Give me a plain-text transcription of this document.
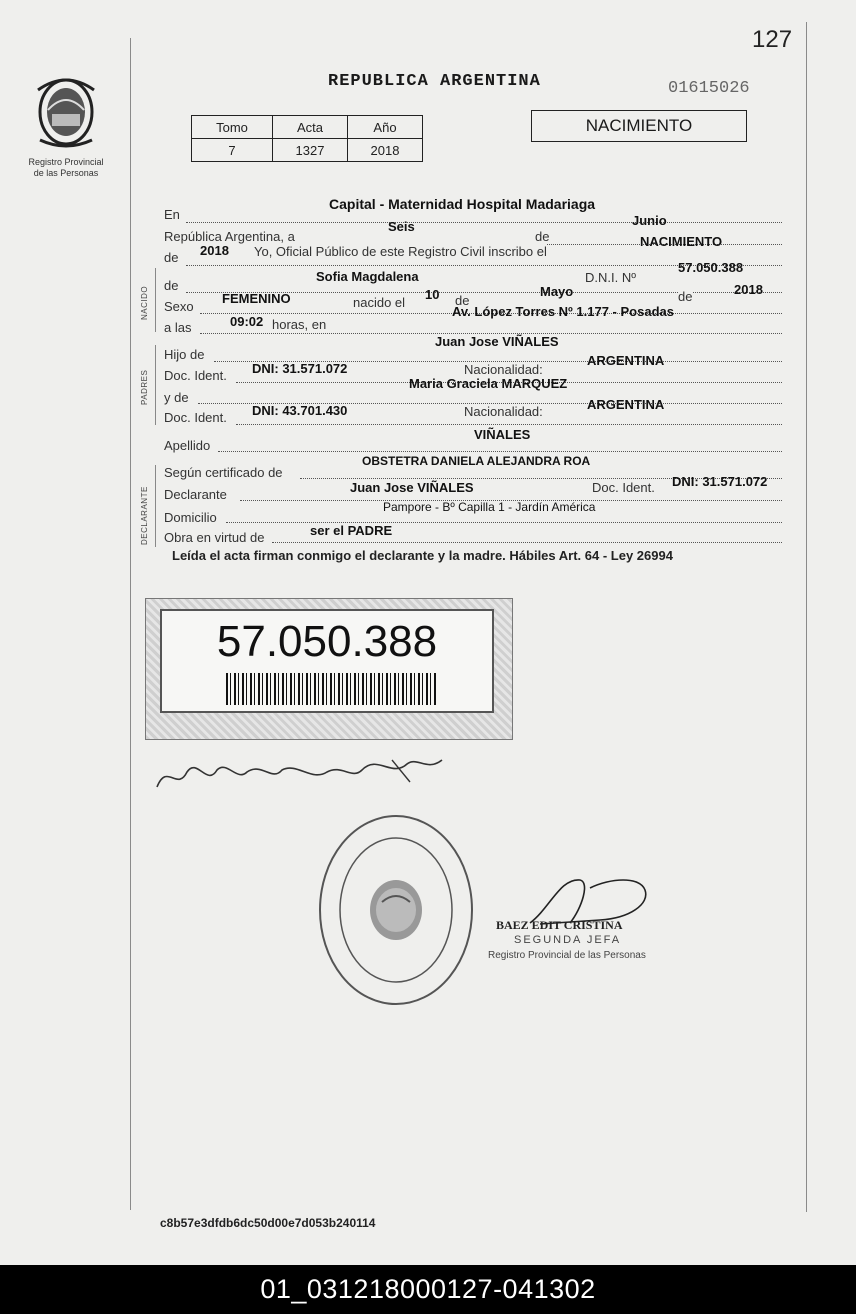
127
Registro Provincial
de las Personas
REPUBLICA ARGENTINA	01615026
NACIMIENTO
Tomo	Acta	Año
7	1327	2018
En
Capital - Maternidad Hospital Madariaga
República Argentina, a
Seis
de
Junio
de 2018 Yo, Oficial Público de este Registro Civil inscribo el
NACIMIENTO
NACIDO
de
Sofia Magdalena	D.N.I. Nº
57.050.388
Sexo
FEMENINO	nacido el
10 de
Mayo	de	2018
a las	09:02 horas, en
Av. López Torres Nº 1.177 - Posadas
PADRES
Hijo de
Juan Jose VIÑALES
Doc. Ident. DNI: 31.571.072	Nacionalidad:
ARGENTINA
y de
Maria Graciela MARQUEZ
Doc. Ident. DNI: 43.701.430	Nacionalidad:	ARGENTINA
Apellido
VIÑALES
DECLARANTE
Según certificado de
OBSTETRA DANIELA ALEJANDRA ROA
Declarante	Juan Jose VIÑALES	Doc. Ident. DNI: 31.571.072
Domicilio
Pampore - Bº Capilla 1 - Jardín América
Obra en virtud de	ser el PADRE
Leída el acta firman conmigo el declarante y la madre. Hábiles Art. 64 - Ley 26994
57.050.388
BAEZ EDIT CRISTINA
SEGUNDA JEFA
Registro Provincial de las Personas
c8b57e3dfdb6dc50d00e7d053b240114
01_031218000127-041302
